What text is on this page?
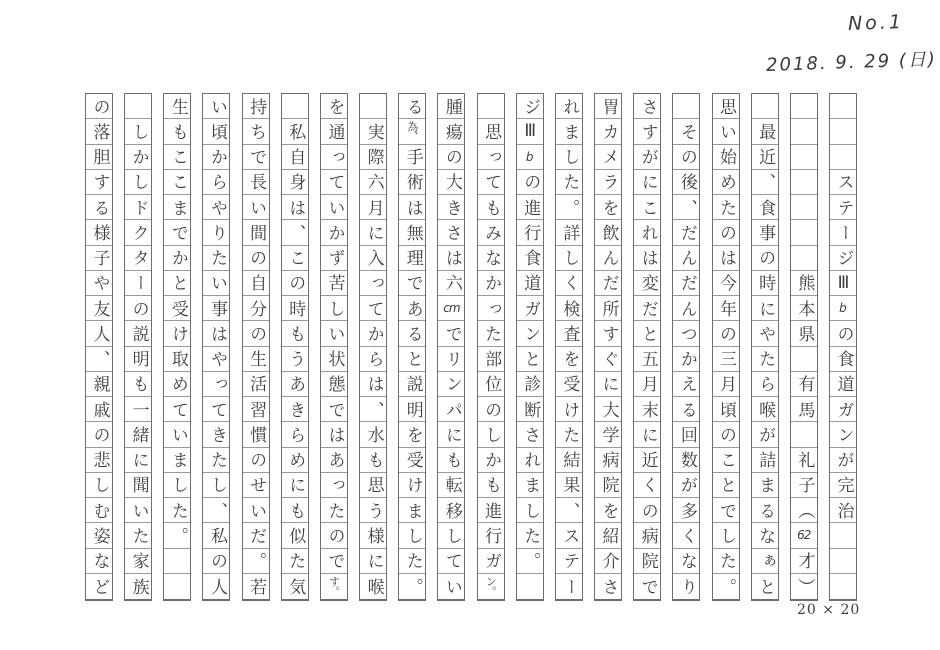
No.1
2018. 9. 29 (日)
ス
テ
ー
ジ
Ⅲ
b
の
食
道
ガ
ン
が
完
治
熊
本
県
有
馬
礼
子
（
62
才
）
最
近
、
食
事
の
時
に
や
た
ら
喉
が
詰
ま
る
な
ぁ
と
思
い
始
め
た
の
は
今
年
の
三
月
頃
の
こ
と
で
し
た
。
そ
の
後
、
だ
ん
だ
ん
つ
か
え
る
回
数
が
多
く
な
り
さ
す
が
に
こ
れ
は
変
だ
と
五
月
末
に
近
く
の
病
院
で
胃
カ
メ
ラ
を
飲
ん
だ
所
す
ぐ
に
大
学
病
院
を
紹
介
さ
れ
ま
し
た
。
詳
し
く
検
査
を
受
け
た
結
果
、
ス
テ
ー
ジ
Ⅲ
b
の
進
行
食
道
ガ
ン
と
診
断
さ
れ
ま
し
た
。
思
っ
て
も
み
な
か
っ
た
部
位
の
し
か
も
進
行
ガ
ン。
腫
瘍
の
大
き
さ
は
六
cm
で
リ
ン
パ
に
も
転
移
し
て
い
る
為、
手
術
は
無
理
で
あ
る
と
説
明
を
受
け
ま
し
た
。
実
際
六
月
に
入
っ
て
か
ら
は
、
水
も
思
う
様
に
喉
を
通
っ
て
い
か
ず
苦
し
い
状
態
で
は
あ
っ
た
の
で
す。
私
自
身
は
、
こ
の
時
も
う
あ
き
ら
め
に
も
似
た
気
持
ち
で
長
い
間
の
自
分
の
生
活
習
慣
の
せ
い
だ
。
若
い
頃
か
ら
や
り
た
い
事
は
や
っ
て
き
た
し
、
私
の
人
生
も
こ
こ
ま
で
か
と
受
け
取
め
て
い
ま
し
た
。
し
か
し
ド
ク
タ
ー
の
説
明
も
一
緒
に
聞
い
た
家
族
の
落
胆
す
る
様
子
や
友
人
、
親
戚
の
悲
し
む
姿
な
ど
20 × 20
